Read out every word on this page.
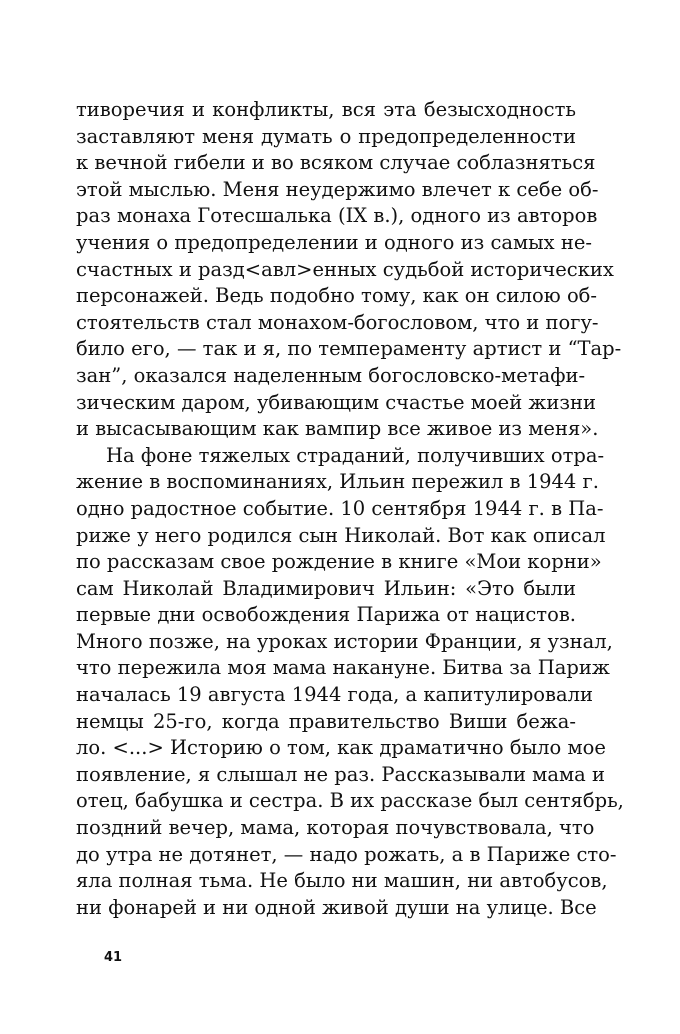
тиворечия и конфликты, вся эта безысходность
заставляют меня думать о предопределенности
к вечной гибели и во всяком случае соблазняться
этой мыслью. Меня неудержимо влечет к себе об-
раз монаха Готесшалька (IX в.), одного из авторов
учения о предопределении и одного из самых не-
счастных и разд<авл>енных судьбой исторических
персонажей. Ведь подобно тому, как он силою об-
стоятельств стал монахом-богословом, что и погу-
било его, — так и я, по темпераменту артист и “Тар-
зан”, оказался наделенным богословско-метафи-
зическим даром, убивающим счастье моей жизни
и высасывающим как вампир все живое из меня».
На фоне тяжелых страданий, получивших отра-
жение в воспоминаниях, Ильин пережил в 1944 г.
одно радостное событие. 10 сентября 1944 г. в Па-
риже у него родился сын Николай. Вот как описал
по рассказам свое рождение в книге «Мои корни»
сам Николай Владимирович Ильин: «Это были
первые дни освобождения Парижа от нацистов.
Много позже, на уроках истории Франции, я узнал,
что пережила моя мама накануне. Битва за Париж
началась 19 августа 1944 года, а капитулировали
немцы 25-го, когда правительство Виши бежа-
ло. <...> Историю о том, как драматично было мое
появление, я слышал не раз. Рассказывали мама и
отец, бабушка и сестра. В их рассказе был сентябрь,
поздний вечер, мама, которая почувствовала, что
до утра не дотянет, — надо рожать, а в Париже сто-
яла полная тьма. Не было ни машин, ни автобусов,
ни фонарей и ни одной живой души на улице. Все
41
